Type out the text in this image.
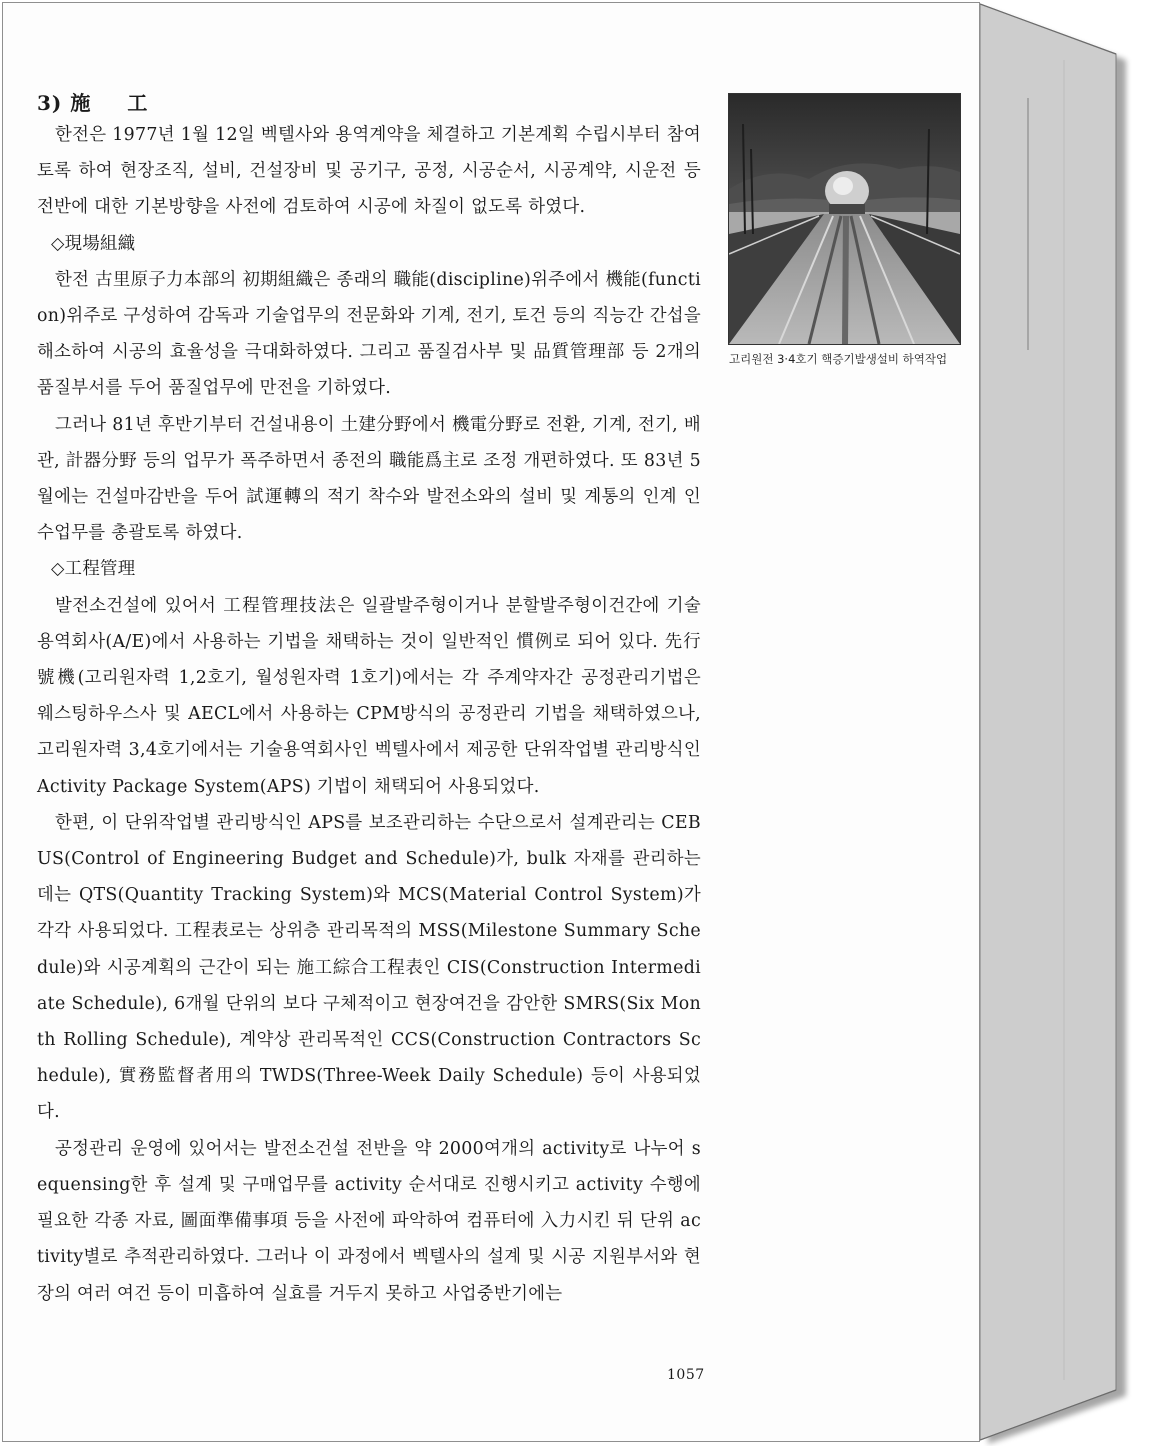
3) 施 工

한전은 1977년 1월 12일 벡텔사와 용역계약을 체결하고 기본계획 수립시부터 참여토록 하여 현장조직, 설비, 건설장비 및 공기구, 공정, 시공순서, 시공계약, 시운전 등 전반에 대한 기본방향을 사전에 검토하여 시공에 차질이 없도록 하였다.

◇現場組織

한전 古里原子力本部의 初期組織은 종래의 職能(discipline)위주에서 機能(function)위주로 구성하여 감독과 기술업무의 전문화와 기계, 전기, 토건 등의 직능간 간섭을 해소하여 시공의 효율성을 극대화하였다. 그리고 품질검사부 및 品質管理部 등 2개의 품질부서를 두어 품질업무에 만전을 기하였다.

그러나 81년 후반기부터 건설내용이 土建分野에서 機電分野로 전환, 기계, 전기, 배관, 計器分野 등의 업무가 폭주하면서 종전의 職能爲主로 조정 개편하였다. 또 83년 5월에는 건설마감반을 두어 試運轉의 적기 착수와 발전소와의 설비 및 계통의 인계 인수업무를 총괄토록 하였다.

◇工程管理

발전소건설에 있어서 工程管理技法은 일괄발주형이거나 분할발주형이건간에 기술용역회사(A/E)에서 사용하는 기법을 채택하는 것이 일반적인 慣例로 되어 있다. 先行號機(고리원자력 1,2호기, 월성원자력 1호기)에서는 각 주계약자간 공정관리기법은 웨스팅하우스사 및 AECL에서 사용하는 CPM방식의 공정관리 기법을 채택하였으나, 고리원자력 3,4호기에서는 기술용역회사인 벡텔사에서 제공한 단위작업별 관리방식인 Activity Package System(APS) 기법이 채택되어 사용되었다.

한편, 이 단위작업별 관리방식인 APS를 보조관리하는 수단으로서 설계관리는 CEBUS(Control of Engineering Budget and Schedule)가, bulk 자재를 관리하는 데는 QTS(Quantity Tracking System)와 MCS(Material Control System)가 각각 사용되었다. 工程表로는 상위층 관리목적의 MSS(Milestone Summary Schedule)와 시공계획의 근간이 되는 施工綜合工程表인 CIS(Construction Intermediate Schedule), 6개월 단위의 보다 구체적이고 현장여건을 감안한 SMRS(Six Month Rolling Schedule), 계약상 관리목적인 CCS(Construction Contractors Schedule), 實務監督者用의 TWDS(Three-Week Daily Schedule) 등이 사용되었다.

공정관리 운영에 있어서는 발전소건설 전반을 약 2000여개의 activity로 나누어 sequensing한 후 설계 및 구매업무를 activity 순서대로 진행시키고 activity 수행에 필요한 각종 자료, 圖面準備事項 등을 사전에 파악하여 컴퓨터에 入力시킨 뒤 단위 activity별로 추적관리하였다. 그러나 이 과정에서 벡텔사의 설계 및 시공 지원부서와 현장의 여러 여건 등이 미흡하여 실효를 거두지 못하고 사업중반기에는

고리원전 3·4호기 핵증기발생설비 하역작업

1057
